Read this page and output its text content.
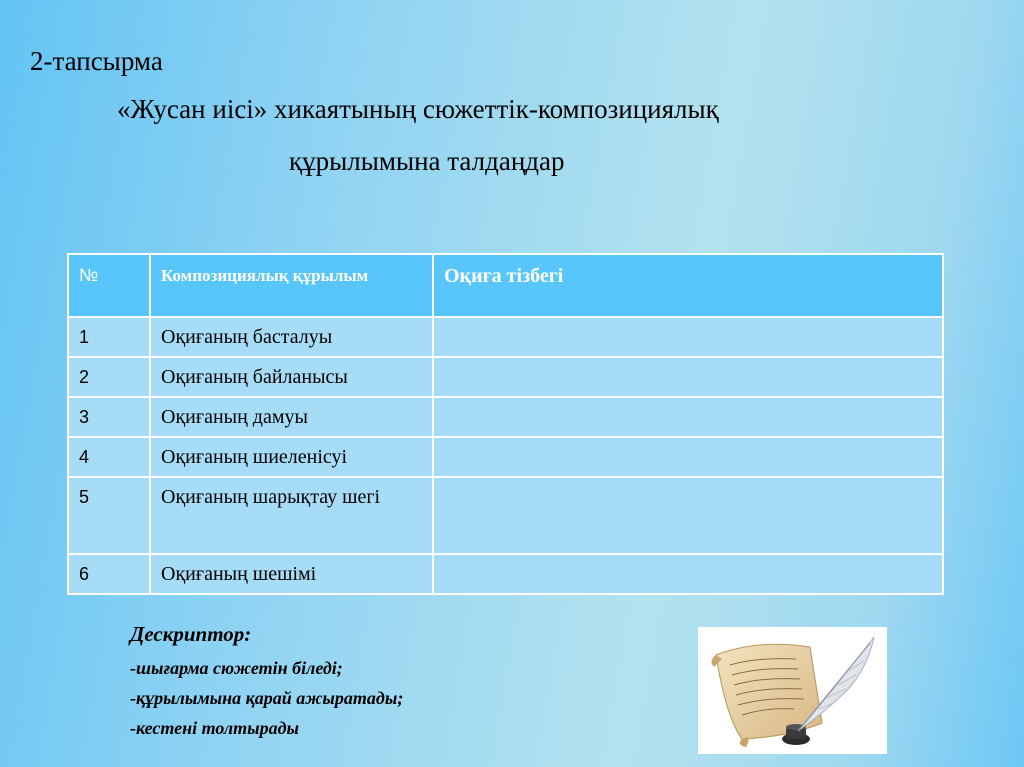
2-тапсырма
«Жусан иісі» хикаятының сюжеттік-композициялық
құрылымына талдаңдар
№	Композициялық құрылым	Оқиға тізбегі
1	Оқиғаның басталуы	
2	Оқиғаның байланысы	
3	Оқиғаның дамуы	
4	Оқиғаның шиеленісуі	
5	Оқиғаның шарықтау шегі	
6	Оқиғаның шешімі	
Дескриптор:
-шығарма сюжетін біледі;
-құрылымына қарай ажыратады;
-кестені толтырады
